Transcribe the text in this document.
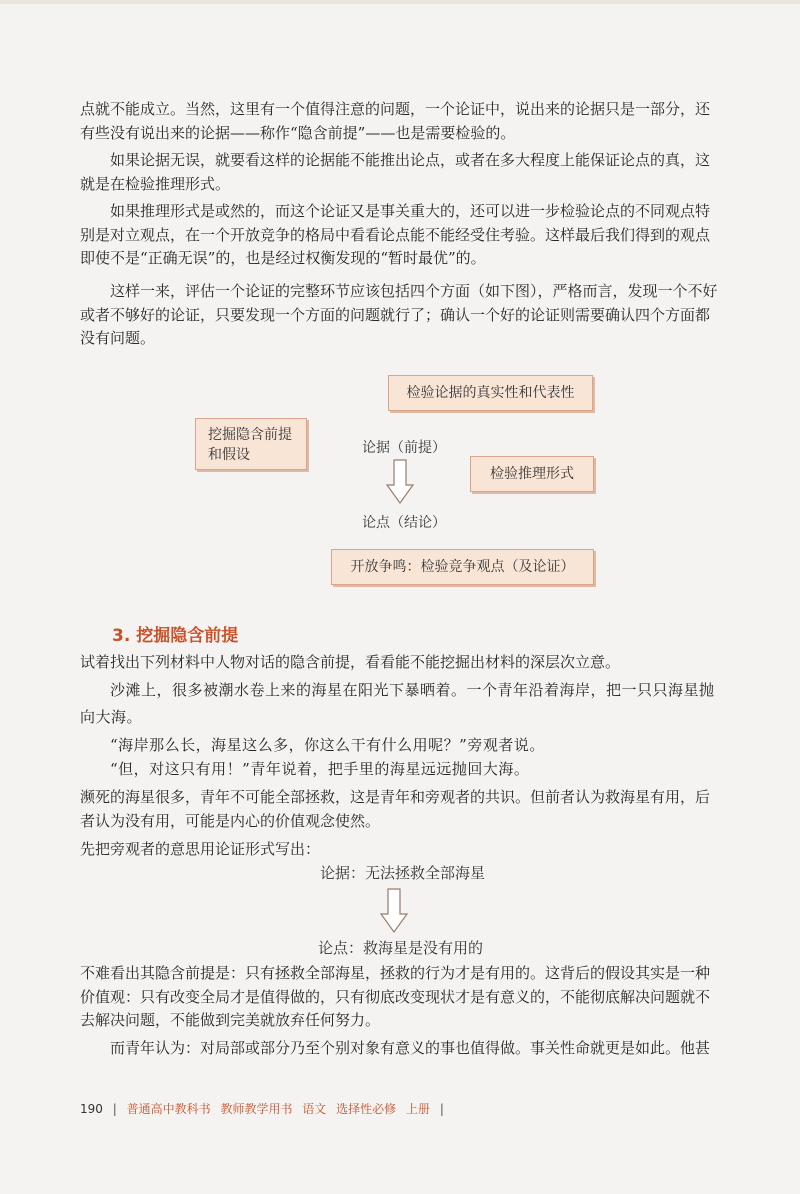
点就不能成立。当然，这里有一个值得注意的问题，一个论证中，说出来的论据只是一部分，还有些没有说出来的论据——称作“隐含前提”——也是需要检验的。

如果论据无误，就要看这样的论据能不能推出论点，或者在多大程度上能保证论点的真，这就是在检验推理形式。

如果推理形式是或然的，而这个论证又是事关重大的，还可以进一步检验论点的不同观点特别是对立观点，在一个开放竞争的格局中看看论点能不能经受住考验。这样最后我们得到的观点即使不是“正确无误”的，也是经过权衡发现的“暂时最优”的。

这样一来，评估一个论证的完整环节应该包括四个方面（如下图），严格而言，发现一个不好或者不够好的论证，只要发现一个方面的问题就行了；确认一个好的论证则需要确认四个方面都没有问题。

检验论据的真实性和代表性
挖掘隐含前提
和假设
检验推理形式
开放争鸣：检验竞争观点（及论证）
论据（前提）
论点（结论）
3. 挖掘隐含前提

试着找出下列材料中人物对话的隐含前提，看看能不能挖掘出材料的深层次立意。

沙滩上，很多被潮水卷上来的海星在阳光下暴晒着。一个青年沿着海岸，把一只只海星抛向大海。

“海岸那么长，海星这么多，你这么干有什么用呢？”旁观者说。

“但，对这只有用！”青年说着，把手里的海星远远抛回大海。

濒死的海星很多，青年不可能全部拯救，这是青年和旁观者的共识。但前者认为救海星有用，后者认为没有用，可能是内心的价值观念使然。

先把旁观者的意思用论证形式写出：

论据：无法拯救全部海星
论点：救海星是没有用的

不难看出其隐含前提是：只有拯救全部海星，拯救的行为才是有用的。这背后的假设其实是一种价值观：只有改变全局才是值得做的，只有彻底改变现状才是有意义的，不能彻底解决问题就不去解决问题，不能做到完美就放弃任何努力。

而青年认为：对局部或部分乃至个别对象有意义的事也值得做。事关性命就更是如此。他甚

190 | 普通高中教科书 教师教学用书 语文 选择性必修 上册 |
